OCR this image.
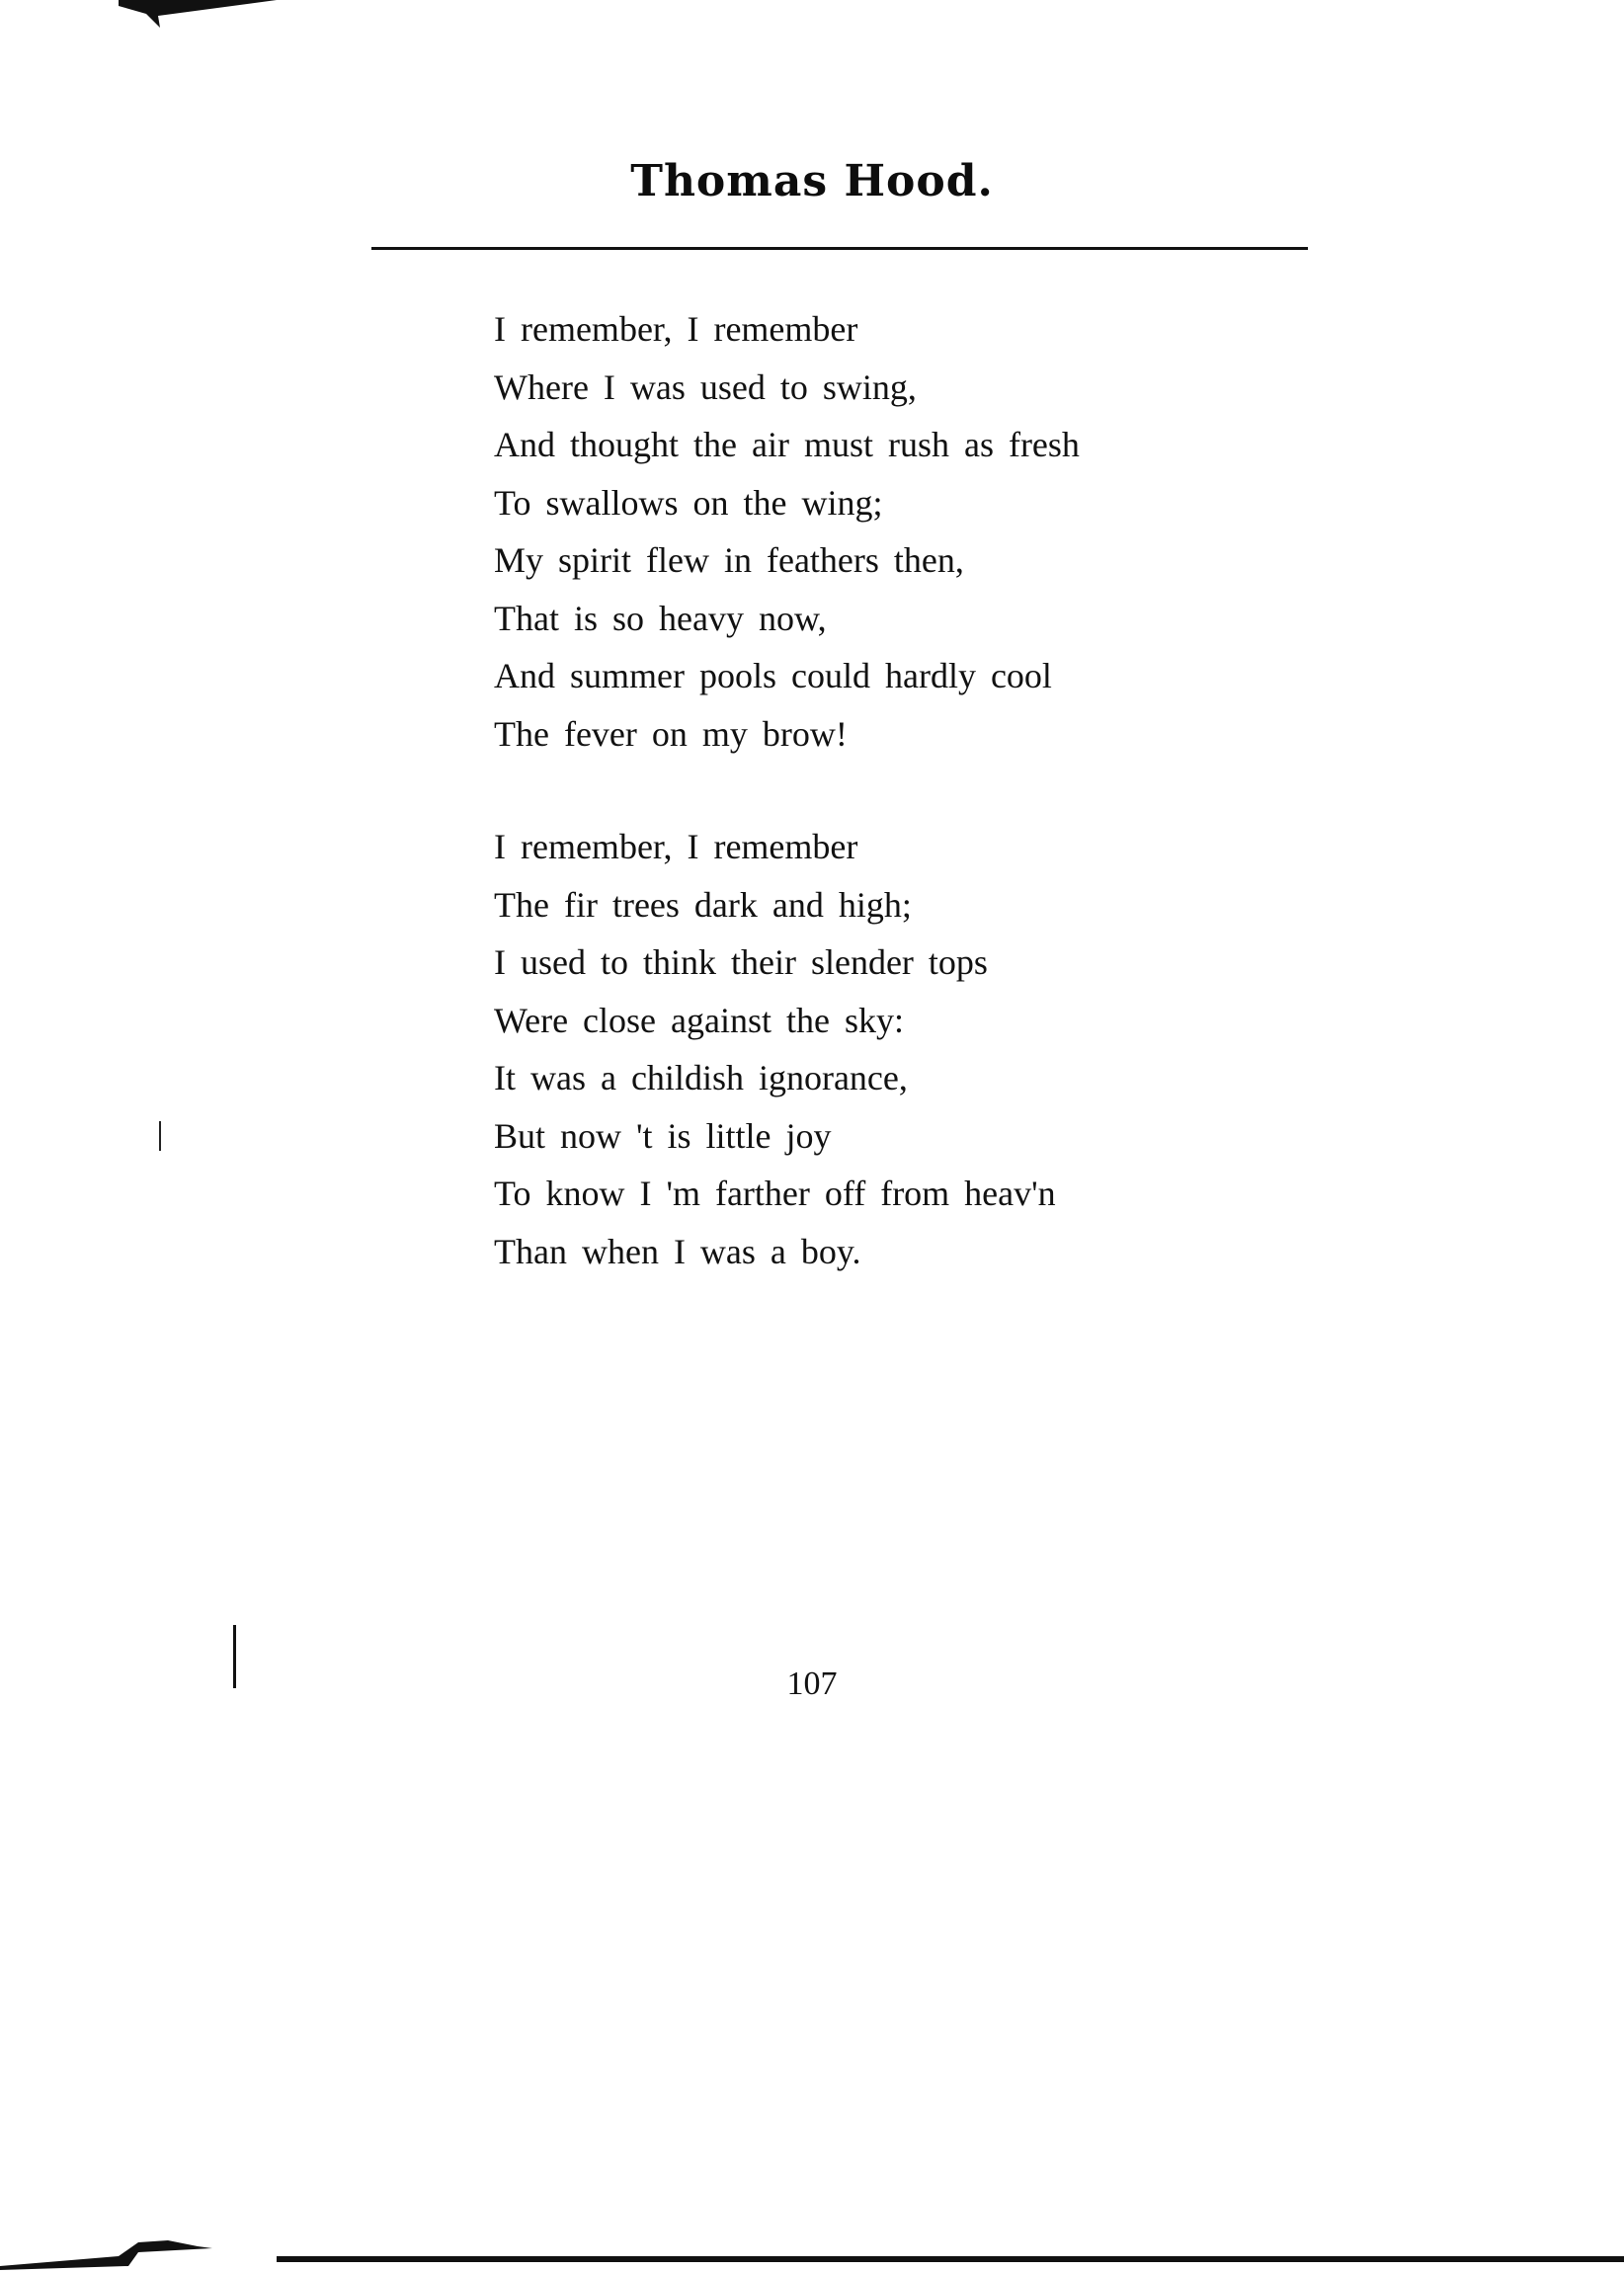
Thomas Hood.
I remember, I remember
Where I was used to swing,
And thought the air must rush as fresh
To swallows on the wing;
My spirit flew in feathers then,
That is so heavy now,
And summer pools could hardly cool
The fever on my brow!
I remember, I remember
The fir trees dark and high;
I used to think their slender tops
Were close against the sky:
It was a childish ignorance,
But now 't is little joy
To know I 'm farther off from heav'n
Than when I was a boy.
107
